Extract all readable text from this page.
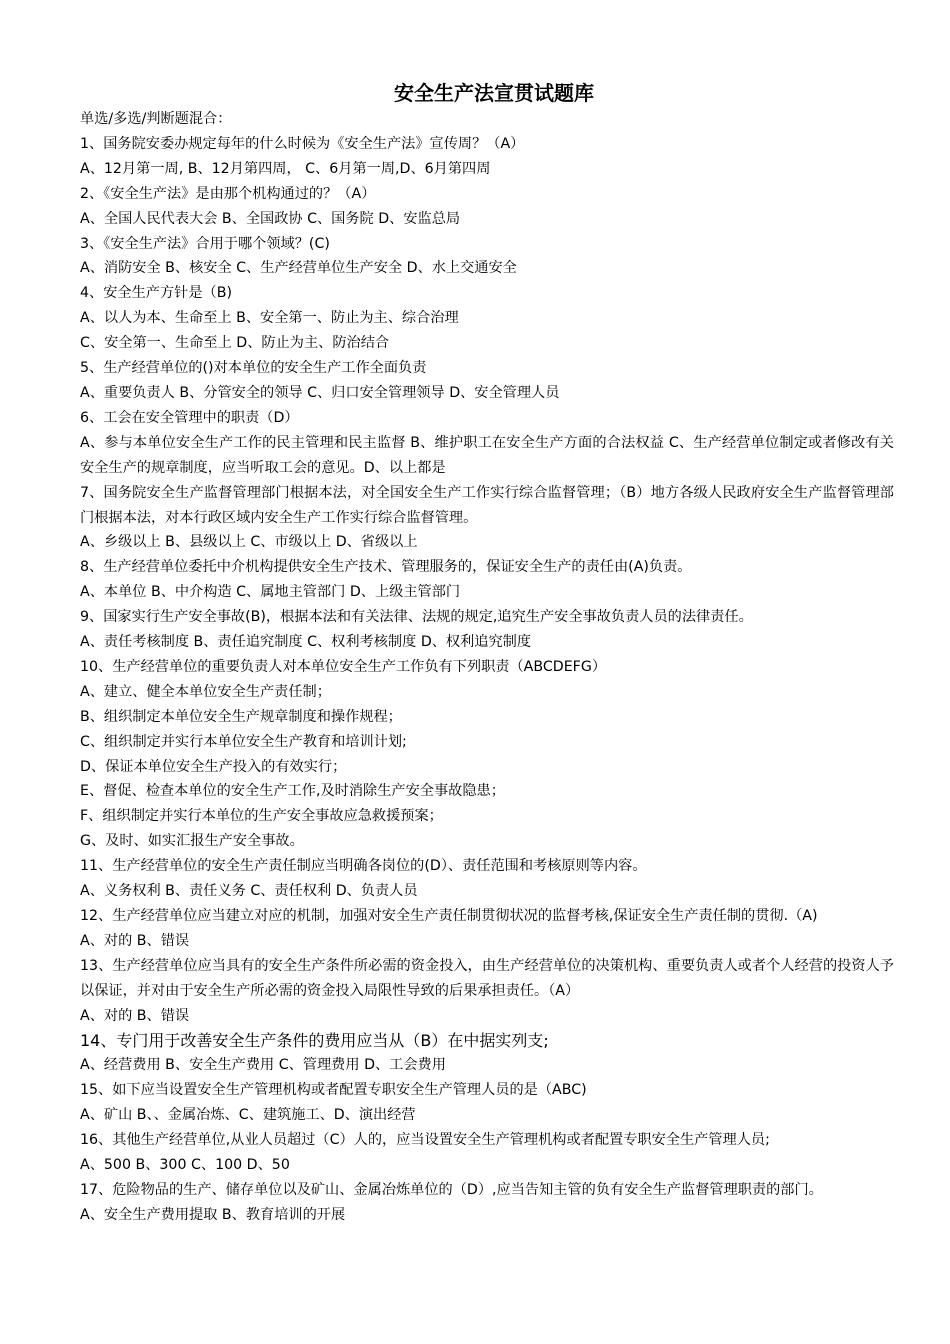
安全生产法宣贯试题库
单选/多选/判断题混合：
1、国务院安委办规定每年的什么时候为《安全生产法》宣传周？（A）
A、12月第一周, B、12月第四周， C、6月第一周,D、6月第四周
2、《安全生产法》是由那个机构通过的？（A）
A、全国人民代表大会 B、全国政协 C、国务院 D、安监总局
3、《安全生产法》合用于哪个领域？(C)
A、消防安全 B、核安全 C、生产经营单位生产安全 D、水上交通安全
4、安全生产方针是（B)
A、以人为本、生命至上 B、安全第一、防止为主、综合治理
C、安全第一、生命至上 D、防止为主、防治结合
5、生产经营单位的()对本单位的安全生产工作全面负责
A、重要负责人 B、分管安全的领导 C、归口安全管理领导 D、安全管理人员
6、工会在安全管理中的职责（D）
A、参与本单位安全生产工作的民主管理和民主监督 B、维护职工在安全生产方面的合法权益 C、生产经营单位制定或者修改有关安全生产的规章制度，应当听取工会的意见。D、以上都是
7、国务院安全生产监督管理部门根据本法，对全国安全生产工作实行综合监督管理；（B）地方各级人民政府安全生产监督管理部门根据本法，对本行政区域内安全生产工作实行综合监督管理。
A、乡级以上 B、县级以上 C、市级以上 D、省级以上
8、生产经营单位委托中介机构提供安全生产技术、管理服务的，保证安全生产的责任由(A)负责。
A、本单位 B、中介构造 C、属地主管部门 D、上级主管部门
9、国家实行生产安全事故(B)，根据本法和有关法律、法规的规定,追究生产安全事故负责人员的法律责任。
A、责任考核制度 B、责任追究制度 C、权利考核制度 D、权利追究制度
10、生产经营单位的重要负责人对本单位安全生产工作负有下列职责（ABCDEFG）
A、建立、健全本单位安全生产责任制；
B、组织制定本单位安全生产规章制度和操作规程；
C、组织制定并实行本单位安全生产教育和培训计划;
D、保证本单位安全生产投入的有效实行；
E、督促、检查本单位的安全生产工作,及时消除生产安全事故隐患；
F、组织制定并实行本单位的生产安全事故应急救援预案；
G、及时、如实汇报生产安全事故。
11、生产经营单位的安全生产责任制应当明确各岗位的(D）、责任范围和考核原则等内容。
A、义务权利 B、责任义务 C、责任权利 D、负责人员
12、生产经营单位应当建立对应的机制，加强对安全生产责任制贯彻状况的监督考核,保证安全生产责任制的贯彻.（A)
A、对的 B、错误
13、生产经营单位应当具有的安全生产条件所必需的资金投入，由生产经营单位的决策机构、重要负责人或者个人经营的投资人予以保证，并对由于安全生产所必需的资金投入局限性导致的后果承担责任。（A）
A、对的 B、错误
14、专门用于改善安全生产条件的费用应当从（B）在中据实列支;
A、经营费用 B、安全生产费用 C、管理费用 D、工会费用
15、如下应当设置安全生产管理机构或者配置专职安全生产管理人员的是（ABC)
A、矿山 B、、金属冶炼、C、建筑施工、D、演出经营
16、其他生产经营单位,从业人员超过（C）人的，应当设置安全生产管理机构或者配置专职安全生产管理人员;
A、500 B、300 C、100 D、50
17、危险物品的生产、储存单位以及矿山、金属冶炼单位的（D）,应当告知主管的负有安全生产监督管理职责的部门。
A、安全生产费用提取 B、教育培训的开展
